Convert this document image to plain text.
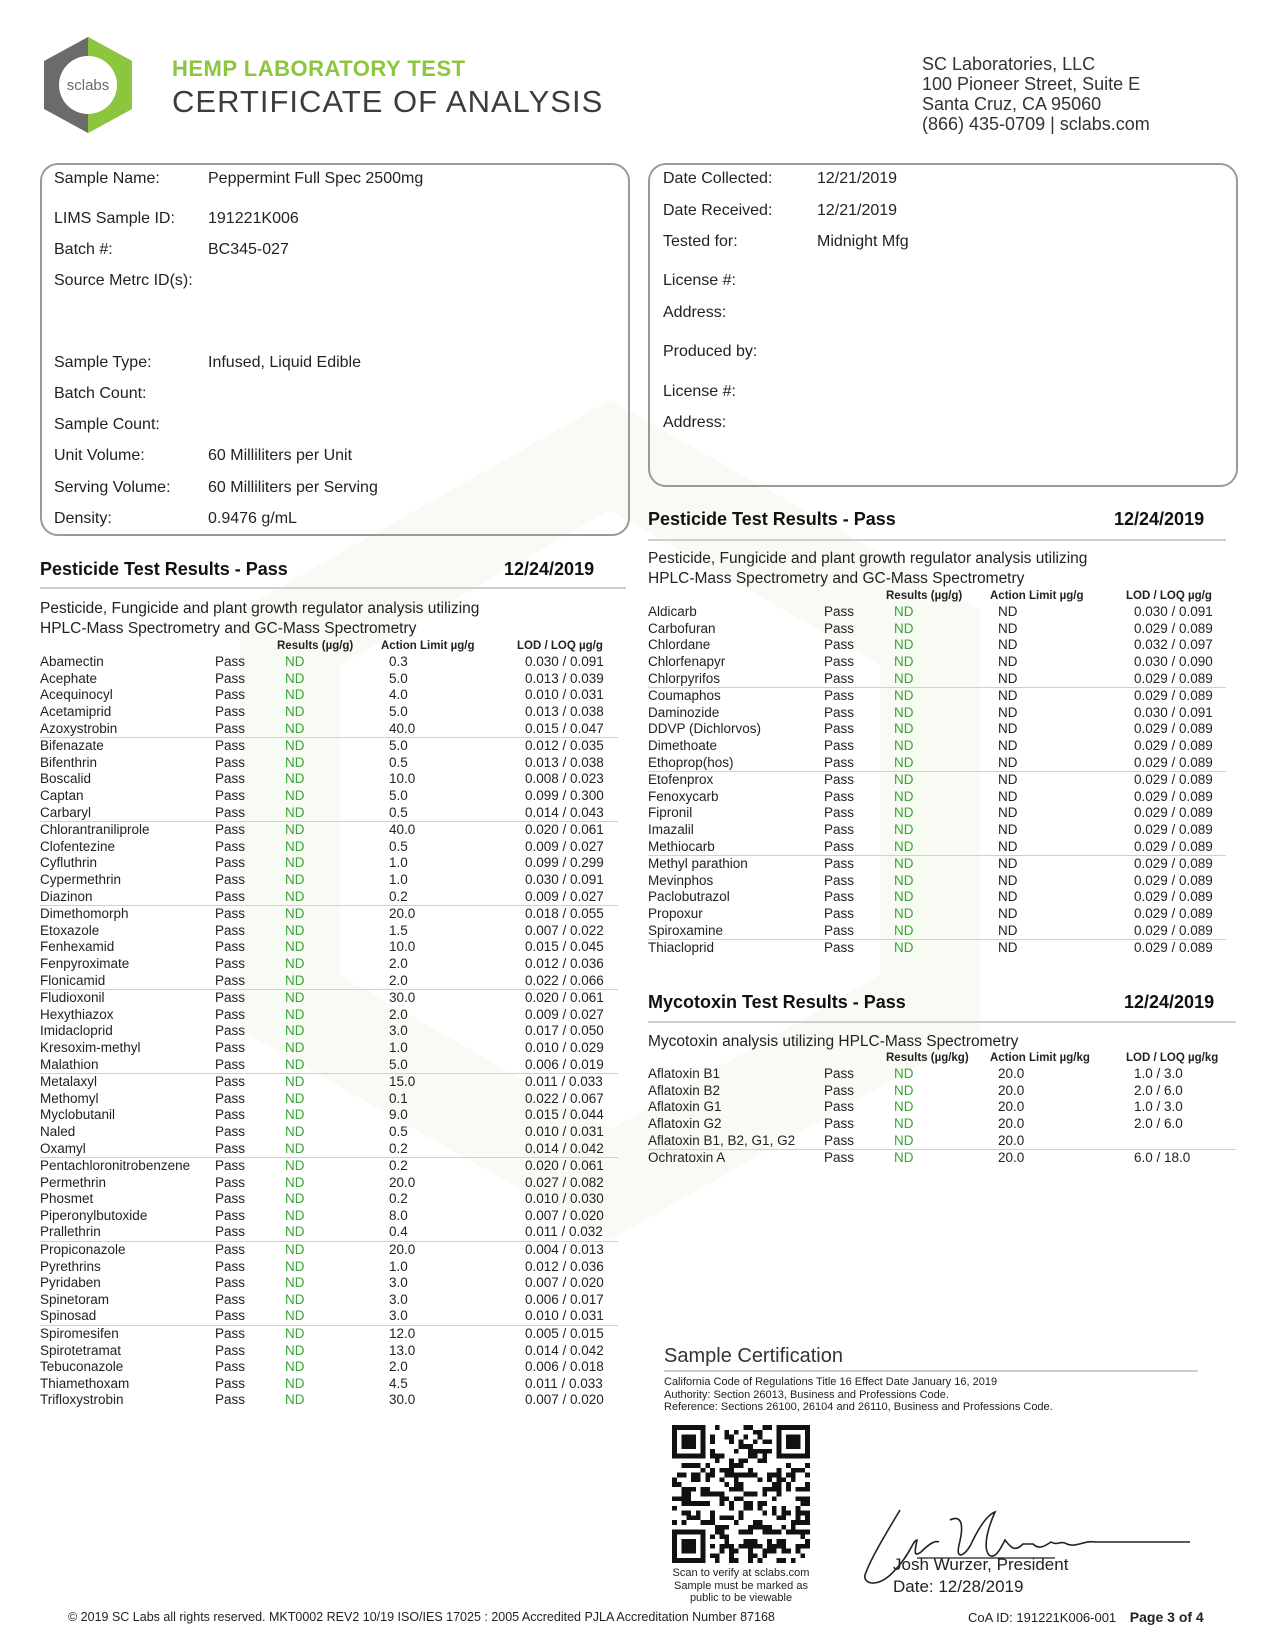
sclabs
HEMP LABORATORY TEST
CERTIFICATE OF ANALYSIS
SC Laboratories, LLC
100 Pioneer Street, Suite E
Santa Cruz, CA 95060
(866) 435-0709 | sclabs.com
Sample Name:	Peppermint Full Spec 2500mg
LIMS Sample ID: 191221K006
Batch #:	BC345-027
Source Metrc ID(s):
Sample Type:	Infused, Liquid Edible
Batch Count:
Sample Count:
Unit Volume:	60 Milliliters per Unit
Serving Volume: 60 Milliliters per Serving
Density:	0.9476 g/mL
Date Collected:	12/21/2019
Date Received:	12/21/2019
Tested for:	Midnight Mfg
License #:
Address:
Produced by:
License #:
Address:
Pesticide Test Results - Pass	12/24/2019
Pesticide, Fungicide and plant growth regulator analysis utilizing
HPLC-Mass Spectrometry and GC-Mass Spectrometry
Results (µg/g) Action Limit µg/g	LOD / LOQ µg/g
Abamectin	Pass	ND	0.3	0.030 / 0.091
Acephate	Pass	ND	5.0	0.013 / 0.039
Acequinocyl	Pass	ND	4.0	0.010 / 0.031
Acetamiprid	Pass	ND	5.0	0.013 / 0.038
Azoxystrobin	Pass	ND	40.0	0.015 / 0.047
Bifenazate	Pass	ND	5.0	0.012 / 0.035
Bifenthrin	Pass	ND	0.5	0.013 / 0.038
Boscalid	Pass	ND	10.0	0.008 / 0.023
Captan	Pass	ND	5.0	0.099 / 0.300
Carbaryl	Pass	ND	0.5	0.014 / 0.043
Chlorantraniliprole	Pass	ND	40.0	0.020 / 0.061
Clofentezine	Pass	ND	0.5	0.009 / 0.027
Cyfluthrin	Pass	ND	1.0	0.099 / 0.299
Cypermethrin	Pass	ND	1.0	0.030 / 0.091
Diazinon	Pass	ND	0.2	0.009 / 0.027
Dimethomorph	Pass	ND	20.0	0.018 / 0.055
Etoxazole	Pass	ND	1.5	0.007 / 0.022
Fenhexamid	Pass	ND	10.0	0.015 / 0.045
Fenpyroximate	Pass	ND	2.0	0.012 / 0.036
Flonicamid	Pass	ND	2.0	0.022 / 0.066
Fludioxonil	Pass	ND	30.0	0.020 / 0.061
Hexythiazox	Pass	ND	2.0	0.009 / 0.027
Imidacloprid	Pass	ND	3.0	0.017 / 0.050
Kresoxim-methyl	Pass	ND	1.0	0.010 / 0.029
Malathion	Pass	ND	5.0	0.006 / 0.019
Metalaxyl	Pass	ND	15.0	0.011 / 0.033
Methomyl	Pass	ND	0.1	0.022 / 0.067
Myclobutanil	Pass	ND	9.0	0.015 / 0.044
Naled	Pass	ND	0.5	0.010 / 0.031
Oxamyl	Pass	ND	0.2	0.014 / 0.042
Pentachloronitrobenzene	Pass	ND	0.2	0.020 / 0.061
Permethrin	Pass	ND	20.0	0.027 / 0.082
Phosmet	Pass	ND	0.2	0.010 / 0.030
Piperonylbutoxide	Pass	ND	8.0	0.007 / 0.020
Prallethrin	Pass	ND	0.4	0.011 / 0.032
Propiconazole	Pass	ND	20.0	0.004 / 0.013
Pyrethrins	Pass	ND	1.0	0.012 / 0.036
Pyridaben	Pass	ND	3.0	0.007 / 0.020
Spinetoram	Pass	ND	3.0	0.006 / 0.017
Spinosad	Pass	ND	3.0	0.010 / 0.031
Spiromesifen	Pass	ND	12.0	0.005 / 0.015
Spirotetramat	Pass	ND	13.0	0.014 / 0.042
Tebuconazole	Pass	ND	2.0	0.006 / 0.018
Thiamethoxam	Pass	ND	4.5	0.011 / 0.033
Trifloxystrobin	Pass	ND	30.0	0.007 / 0.020
Pesticide Test Results - Pass	12/24/2019
Pesticide, Fungicide and plant growth regulator analysis utilizing
HPLC-Mass Spectrometry and GC-Mass Spectrometry
Results (µg/g) Action Limit µg/g	LOD / LOQ µg/g
Aldicarb	Pass	ND	ND	0.030 / 0.091
Carbofuran	Pass	ND	ND	0.029 / 0.089
Chlordane	Pass	ND	ND	0.032 / 0.097
Chlorfenapyr	Pass	ND	ND	0.030 / 0.090
Chlorpyrifos	Pass	ND	ND	0.029 / 0.089
Coumaphos	Pass	ND	ND	0.029 / 0.089
Daminozide	Pass	ND	ND	0.030 / 0.091
DDVP (Dichlorvos)	Pass	ND	ND	0.029 / 0.089
Dimethoate	Pass	ND	ND	0.029 / 0.089
Ethoprop(hos)	Pass	ND	ND	0.029 / 0.089
Etofenprox	Pass	ND	ND	0.029 / 0.089
Fenoxycarb	Pass	ND	ND	0.029 / 0.089
Fipronil	Pass	ND	ND	0.029 / 0.089
Imazalil	Pass	ND	ND	0.029 / 0.089
Methiocarb	Pass	ND	ND	0.029 / 0.089
Methyl parathion	Pass	ND	ND	0.029 / 0.089
Mevinphos	Pass	ND	ND	0.029 / 0.089
Paclobutrazol	Pass	ND	ND	0.029 / 0.089
Propoxur	Pass	ND	ND	0.029 / 0.089
Spiroxamine	Pass	ND	ND	0.029 / 0.089
Thiacloprid	Pass	ND	ND	0.029 / 0.089
Mycotoxin Test Results - Pass	12/24/2019
Mycotoxin analysis utilizing HPLC-Mass Spectrometry
Results (µg/kg) Action Limit µg/kg	LOD / LOQ µg/kg
Aflatoxin B1	Pass	ND	20.0	1.0 / 3.0
Aflatoxin B2	Pass	ND	20.0	2.0 / 6.0
Aflatoxin G1	Pass	ND	20.0	1.0 / 3.0
Aflatoxin G2	Pass	ND	20.0	2.0 / 6.0
Aflatoxin B1, B2, G1, G2	Pass	ND	20.0	
Ochratoxin A	Pass	ND	20.0	6.0 / 18.0
Sample Certification
California Code of Regulations Title 16 Effect Date January 16, 2019
Authority: Section 26013, Business and Professions Code.
Reference: Sections 26100, 26104 and 26110, Business and Professions Code.
Scan to verify at sclabs.com
Sample must be marked as
public to be viewable
Josh Wurzer, President
Date: 12/28/2019
© 2019 SC Labs all rights reserved. MKT0002 REV2 10/19 ISO/IES 17025 : 2005 Accredited PJLA Accreditation Number 87168	CoA ID: 191221K006-001 Page 3 of 4
